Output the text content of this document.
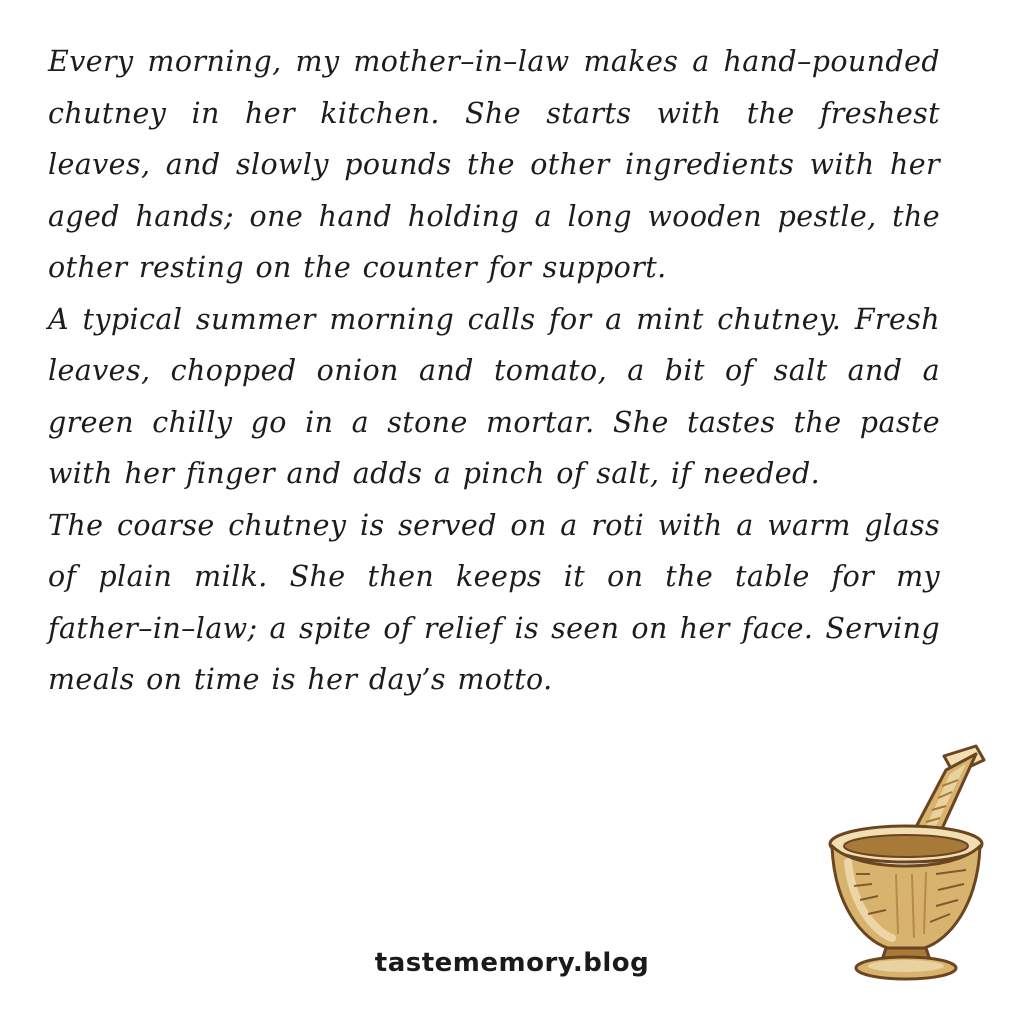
Every morning, my mother–in–law makes a hand–pounded chutney in her kitchen. She starts with the freshest leaves, and slowly pounds the other ingredients with her aged hands; one hand holding a long wooden pestle, the other resting on the counter for support.

A typical summer morning calls for a mint chutney. Fresh leaves, chopped onion and tomato, a bit of salt and a green chilly go in a stone mortar. She tastes the paste with her finger and adds a pinch of salt, if needed.

The coarse chutney is served on a roti with a warm glass of plain milk. She then keeps it on the table for my father–in–law; a spite of relief is seen on her face. Serving meals on time is her day’s motto.

tastememory.blog
